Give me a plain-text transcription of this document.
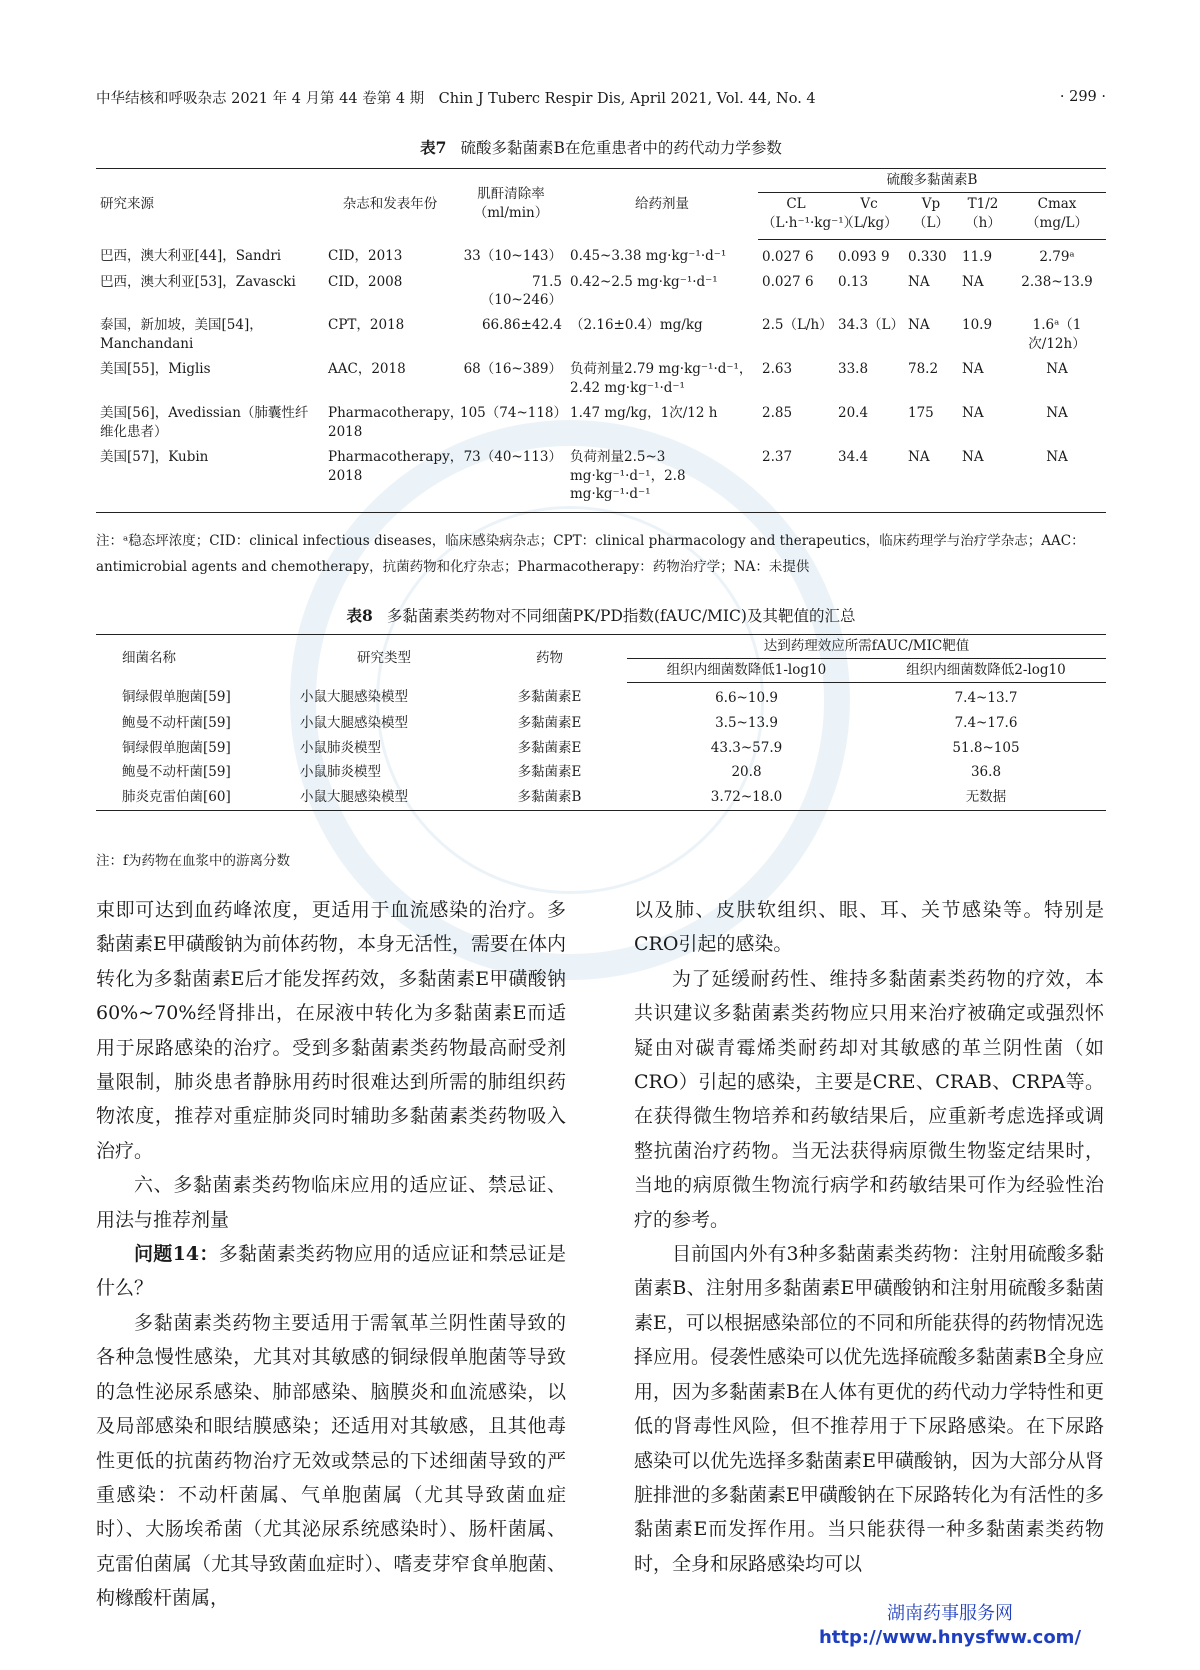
中华结核和呼吸杂志 2021 年 4 月第 44 卷第 4 期　Chin J Tuberc Respir Dis, April 2021, Vol. 44, No. 4	· 299 ·
表7 硫酸多黏菌素B在危重患者中的药代动力学参数
研究来源	杂志和发表年份	肌酐清除率（ml/min）	给药剂量	硫酸多黏菌素B				
				CL（L·h⁻¹·kg⁻¹）	Vc（L/kg）	Vp（L）	T1/2（h）	Cmax（mg/L）
巴西，澳大利亚[44]，Sandri	CID，2013	33（10~143）	0.45~3.38 mg·kg⁻¹·d⁻¹	0.027 6	0.093 9	0.330	11.9	2.79ᵃ
巴西，澳大利亚[53]，Zavascki	CID，2008	71.5（10~246）	0.42~2.5 mg·kg⁻¹·d⁻¹	0.027 6	0.13	NA	NA	2.38~13.9
泰国，新加坡，美国[54]，Manchandani	CPT，2018	66.86±42.4	（2.16±0.4）mg/kg	2.5（L/h）	34.3（L）	NA	10.9	1.6ᵃ（1次/12h）
美国[55]，Miglis	AAC，2018	68（16~389）	负荷剂量2.79 mg·kg⁻¹·d⁻¹，2.42 mg·kg⁻¹·d⁻¹	2.63	33.8	78.2	NA	NA
美国[56]，Avedissian（肺囊性纤维化患者）	Pharmacotherapy，2018	105（74~118）	1.47 mg/kg，1次/12 h	2.85	20.4	175	NA	NA
美国[57]，Kubin	Pharmacotherapy，2018	73（40~113）	负荷剂量2.5~3 mg·kg⁻¹·d⁻¹，2.8 mg·kg⁻¹·d⁻¹	2.37	34.4	NA	NA	NA
注：ᵃ稳态坪浓度；CID：clinical infectious diseases，临床感染病杂志；CPT：clinical pharmacology and therapeutics，临床药理学与治疗学杂志；AAC：antimicrobial agents and chemotherapy，抗菌药物和化疗杂志；Pharmacotherapy：药物治疗学；NA：未提供
表8 多黏菌素类药物对不同细菌PK/PD指数(fAUC/MIC)及其靶值的汇总
细菌名称	研究类型	药物	达到药理效应所需fAUC/MIC靶值	
			组织内细菌数降低1-log10	组织内细菌数降低2-log10
铜绿假单胞菌[59]	小鼠大腿感染模型	多黏菌素E	6.6~10.9	7.4~13.7
鲍曼不动杆菌[59]	小鼠大腿感染模型	多黏菌素E	3.5~13.9	7.4~17.6
铜绿假单胞菌[59]	小鼠肺炎模型	多黏菌素E	43.3~57.9	51.8~105
鲍曼不动杆菌[59]	小鼠肺炎模型	多黏菌素E	20.8	36.8
肺炎克雷伯菌[60]	小鼠大腿感染模型	多黏菌素B	3.72~18.0	无数据
注：f为药物在血浆中的游离分数

束即可达到血药峰浓度，更适用于血流感染的治疗。多黏菌素E甲磺酸钠为前体药物，本身无活性，需要在体内转化为多黏菌素E后才能发挥药效，多黏菌素E甲磺酸钠60%~70%经肾排出，在尿液中转化为多黏菌素E而适用于尿路感染的治疗。受到多黏菌素类药物最高耐受剂量限制，肺炎患者静脉用药时很难达到所需的肺组织药物浓度，推荐对重症肺炎同时辅助多黏菌素类药物吸入治疗。

六、多黏菌素类药物临床应用的适应证、禁忌证、用法与推荐剂量

问题14：多黏菌素类药物应用的适应证和禁忌证是什么？

多黏菌素类药物主要适用于需氧革兰阴性菌导致的各种急慢性感染，尤其对其敏感的铜绿假单胞菌等导致的急性泌尿系感染、肺部感染、脑膜炎和血流感染，以及局部感染和眼结膜感染；还适用对其敏感，且其他毒性更低的抗菌药物治疗无效或禁忌的下述细菌导致的严重感染：不动杆菌属、气单胞菌属（尤其导致菌血症时）、大肠埃希菌（尤其泌尿系统感染时）、肠杆菌属、克雷伯菌属（尤其导致菌血症时）、嗜麦芽窄食单胞菌、枸橼酸杆菌属，

以及肺、皮肤软组织、眼、耳、关节感染等。特别是CRO引起的感染。

为了延缓耐药性、维持多黏菌素类药物的疗效，本共识建议多黏菌素类药物应只用来治疗被确定或强烈怀疑由对碳青霉烯类耐药却对其敏感的革兰阴性菌（如CRO）引起的感染，主要是CRE、CRAB、CRPA等。在获得微生物培养和药敏结果后，应重新考虑选择或调整抗菌治疗药物。当无法获得病原微生物鉴定结果时，当地的病原微生物流行病学和药敏结果可作为经验性治疗的参考。

目前国内外有3种多黏菌素类药物：注射用硫酸多黏菌素B、注射用多黏菌素E甲磺酸钠和注射用硫酸多黏菌素E，可以根据感染部位的不同和所能获得的药物情况选择应用。侵袭性感染可以优先选择硫酸多黏菌素B全身应用，因为多黏菌素B在人体有更优的药代动力学特性和更低的肾毒性风险，但不推荐用于下尿路感染。在下尿路感染可以优先选择多黏菌素E甲磺酸钠，因为大部分从肾脏排泄的多黏菌素E甲磺酸钠在下尿路转化为有活性的多黏菌素E而发挥作用。当只能获得一种多黏菌素类药物时，全身和尿路感染均可以

湖南药事服务网
http://www.hnysfww.com/
